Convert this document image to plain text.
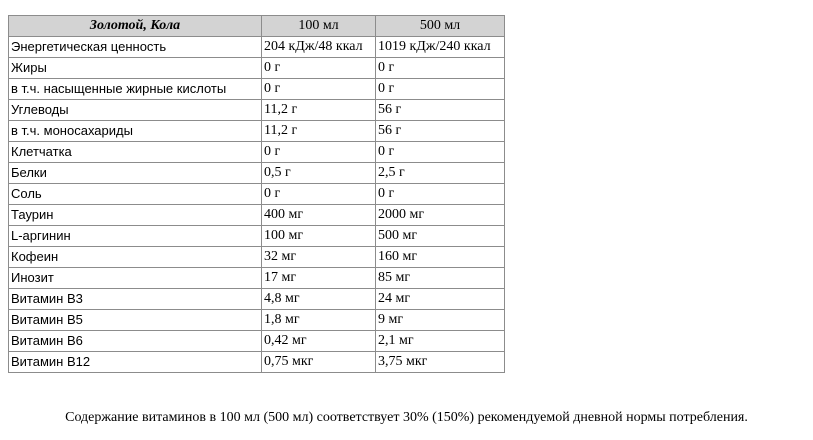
Золотой, Кола	100 мл	500 мл
Энергетическая ценность	204 кДж/48 ккал	1019 кДж/240 ккал
Жиры	0 г	0 г
в т.ч. насыщенные жирные кислоты	0 г	0 г
Углеводы	11,2 г	56 г
в т.ч. моносахариды	11,2 г	56 г
Клетчатка	0 г	0 г
Белки	0,5 г	2,5 г
Соль	0 г	0 г
Таурин	400 мг	2000 мг
L-аргинин	100 мг	500 мг
Кофеин	32 мг	160 мг
Инозит	17 мг	85 мг
Витамин B3	4,8 мг	24 мг
Витамин B5	1,8 мг	9 мг
Витамин B6	0,42 мг	2,1 мг
Витамин B12	0,75 мкг	3,75 мкг

Содержание витаминов в 100 мл (500 мл) соответствует 30% (150%) рекомендуемой дневной нормы потребления.
